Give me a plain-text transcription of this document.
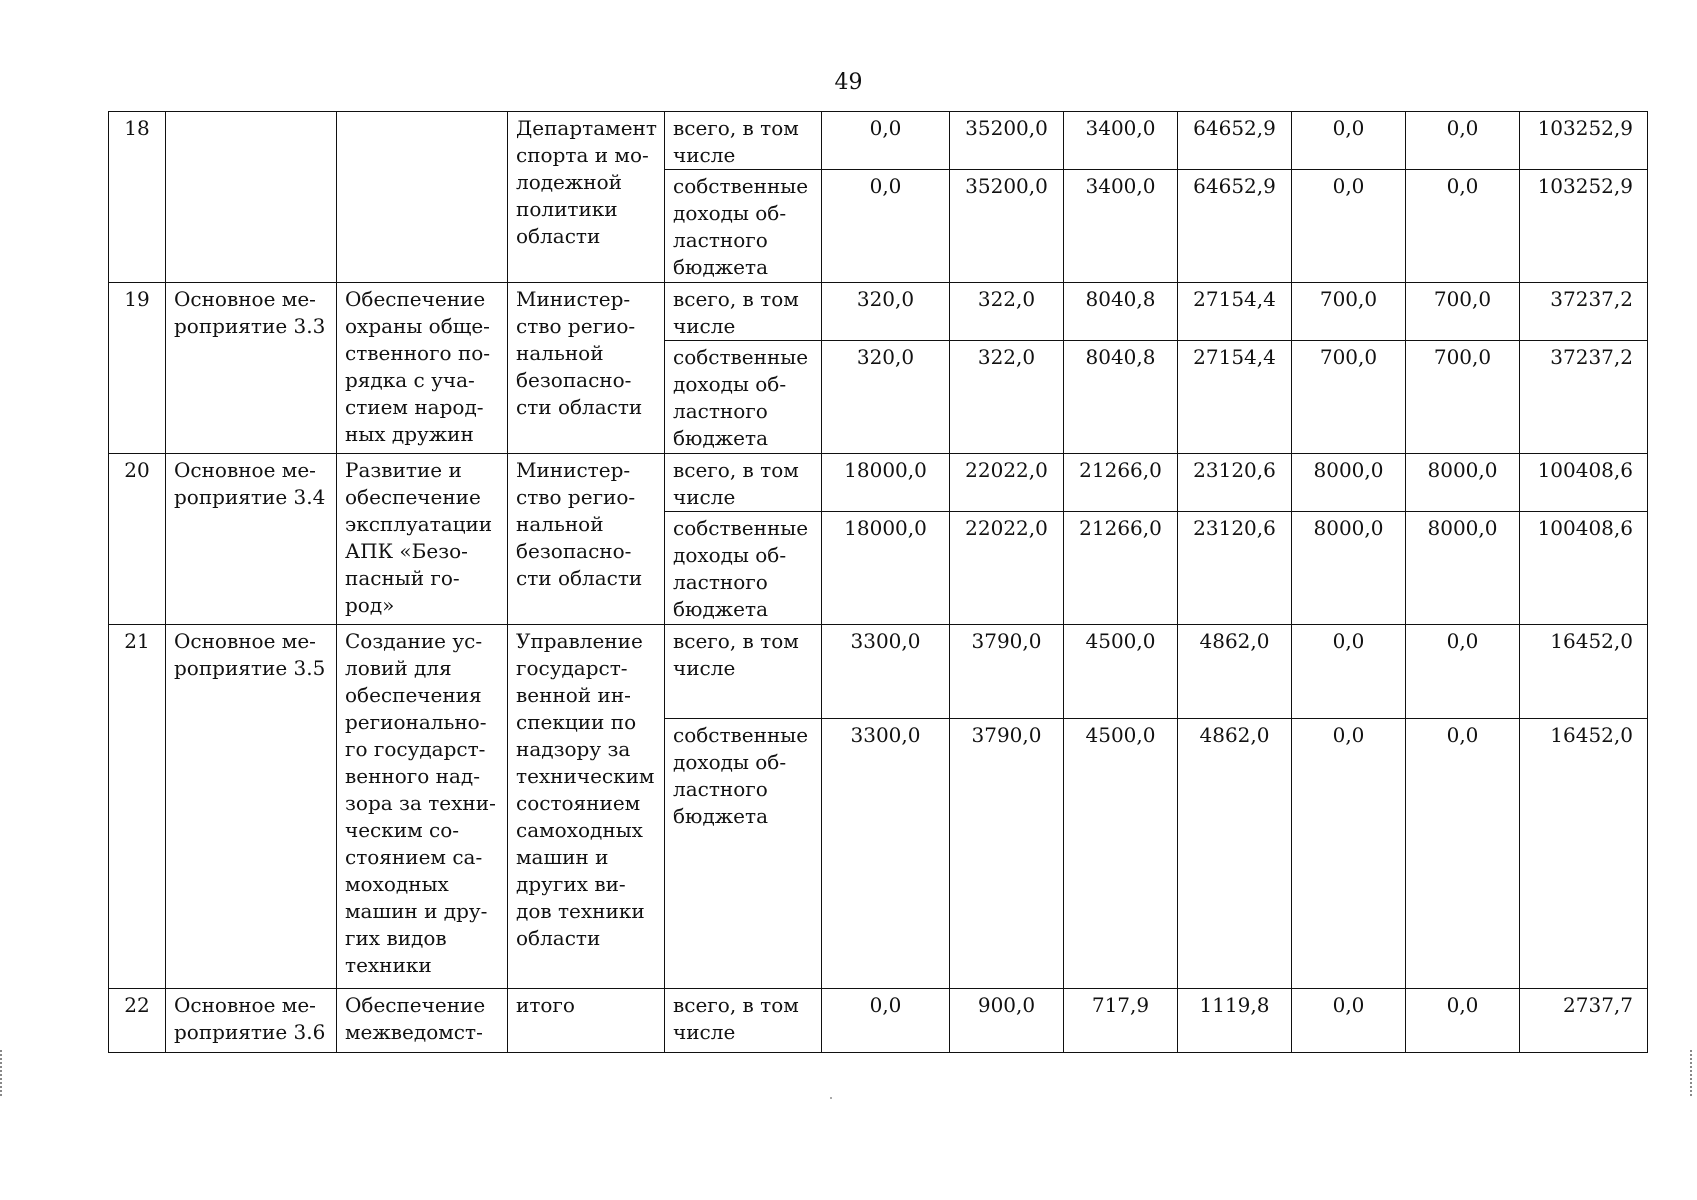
49
18			Департамент спорта и мо-лодежной политики области	всего, в том числе	0,0	35200,0	3400,0	64652,9	0,0	0,0	103252,9
				собственные доходы об-ластного бюджета	0,0	35200,0	3400,0	64652,9	0,0	0,0	103252,9
19	Основное ме-роприятие 3.3	Обеспечение охраны обще-ственного по-рядка с уча-стием народ-ных дружин	Министер-ство регио-нальной безопасно-сти области	всего, в том числе	320,0	322,0	8040,8	27154,4	700,0	700,0	37237,2
				собственные доходы об-ластного бюджета	320,0	322,0	8040,8	27154,4	700,0	700,0	37237,2
20	Основное ме-роприятие 3.4	Развитие и обеспечение эксплуатации АПК «Безо-пасный го-род»	Министер-ство регио-нальной безопасно-сти области	всего, в том числе	18000,0	22022,0	21266,0	23120,6	8000,0	8000,0	100408,6
				собственные доходы об-ластного бюджета	18000,0	22022,0	21266,0	23120,6	8000,0	8000,0	100408,6
21	Основное ме-роприятие 3.5	Создание ус-ловий для обеспечения регионально-го государст-венного над-зора за техни-ческим со-стоянием са-моходных машин и дру-гих видов техники	Управление государст-венной ин-спекции по надзору за техническим состоянием самоходных машин и других ви-дов техники области	всего, в том числе	3300,0	3790,0	4500,0	4862,0	0,0	0,0	16452,0
				собственные доходы об-ластного бюджета	3300,0	3790,0	4500,0	4862,0	0,0	0,0	16452,0
22	Основное ме-роприятие 3.6	Обеспечение межведомст-	итого	всего, в том числе	0,0	900,0	717,9	1119,8	0,0	0,0	2737,7
